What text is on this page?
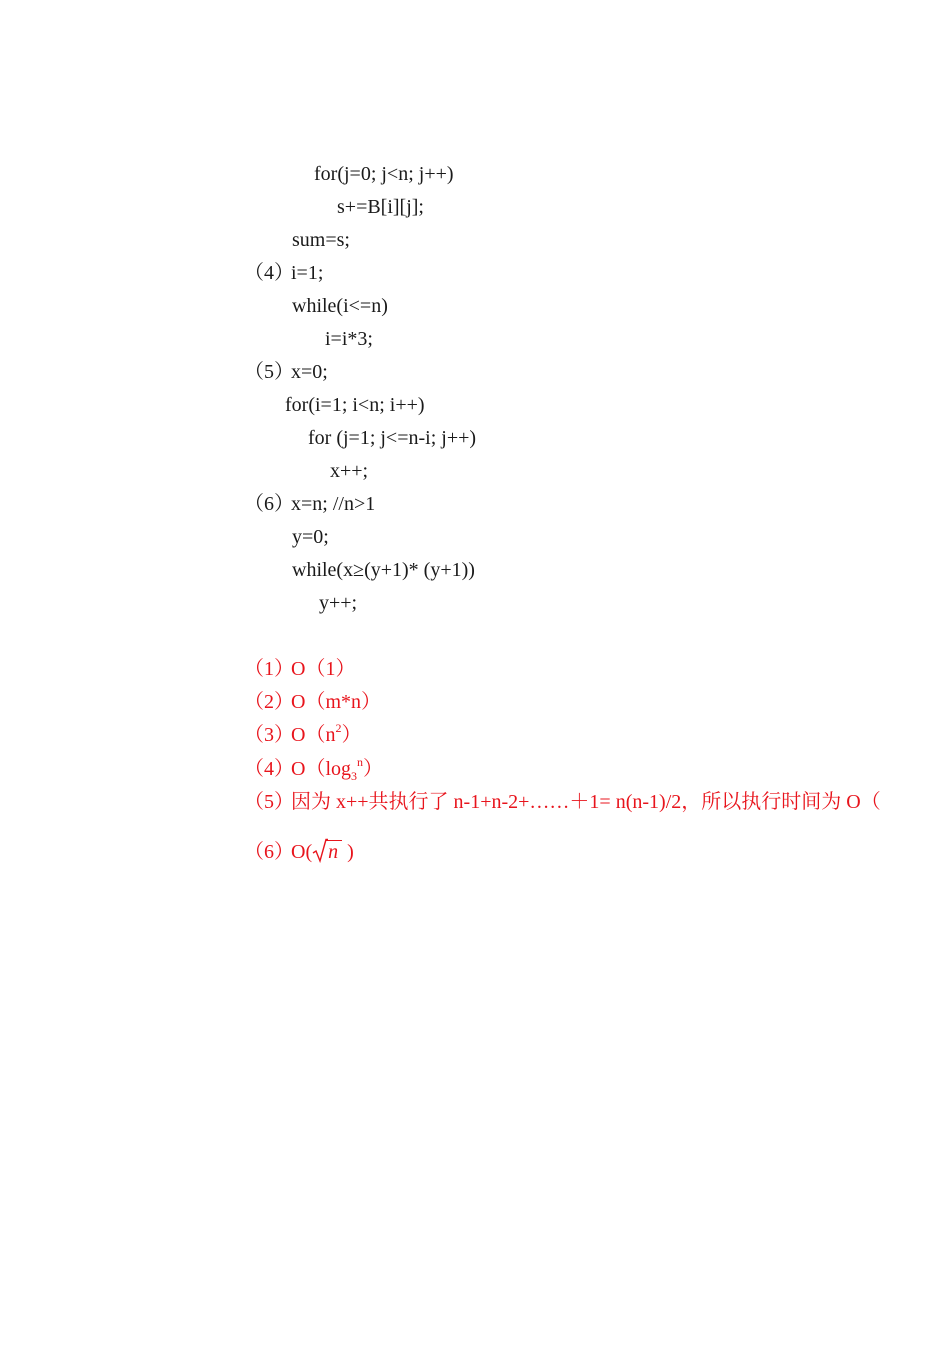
for(j=0; j<n; j++)
s+=B[i][j];
sum=s;
（4）i=1;
while(i<=n)
i=i*3;
（5）x=0;
for(i=1; i<n; i++)
for (j=1; j<=n-i; j++)
x++;
（6）x=n; //n>1
y=0;
while(x≥(y+1)* (y+1))
y++;
（1）O（1）
（2）O（m*n）
$(3)O(n^2)$
$(4)O(\log_3^n)$
（5）因为 x++共执行了 n-1+n-2+……＋1= n(n-1)/2，所以执行时间为 O（
（6）O( n )
